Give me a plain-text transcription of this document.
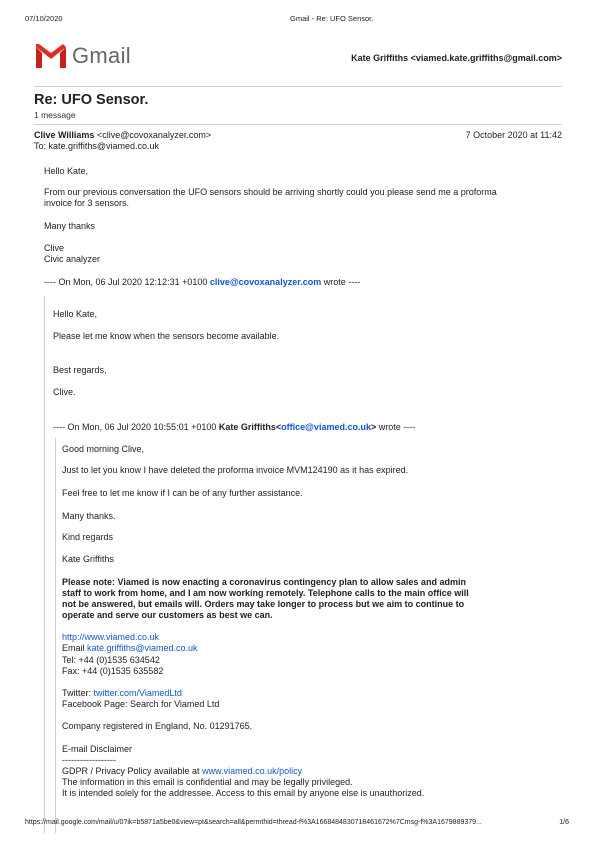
07/10/2020	Gmail - Re: UFO Sensor.
Gmail	Kate Griffiths <viamed.kate.griffiths@gmail.com>
Re: UFO Sensor.
1 message
Clive Williams <clive@covoxanalyzer.com>	7 October 2020 at 11:42
To: kate.griffiths@viamed.co.uk
Hello Kate,
From our previous conversation the UFO sensors should be arriving shortly could you please send me a proforma
invoice for 3 sensors.
Many thanks
Clive
Civic analyzer
---- On Mon, 06 Jul 2020 12:12:31 +0100 clive@covoxanalyzer.com wrote ----
Hello Kate,
Please let me know when the sensors become available.
Best regards,
Clive.
---- On Mon, 06 Jul 2020 10:55:01 +0100 Kate Griffiths<office@viamed.co.uk> wrote ----
Good morning Clive,
Just to let you know I have deleted the proforma invoice MVM124190 as it has expired.
Feel free to let me know if I can be of any further assistance.
Many thanks.
Kind regards
Kate Griffiths
Please note: Viamed is now enacting a coronavirus contingency plan to allow sales and admin
staff to work from home, and I am now working remotely. Telephone calls to the main office will
not be answered, but emails will. Orders may take longer to process but we aim to continue to
operate and serve our customers as best we can.
http://www.viamed.co.uk
Email kate.griffiths@viamed.co.uk
Tel: +44 (0)1535 634542
Fax: +44 (0)1535 635582
Twitter: twitter.com/ViamedLtd
Facebook Page: Search for Viamed Ltd
Company registered in England, No. 01291765.
E-mail Disclaimer
------------------
GDPR / Privacy Policy available at www.viamed.co.uk/policy
The information in this email is confidential and may be legally privileged.
It is intended solely for the addressee. Access to this email by anyone else is unauthorized.
https://mail.google.com/mail/u/0?ik=b5871a5be0&view=pt&search=all&permthid=thread-f%3A1668484830718461672%7Cmsg-f%3A1679889379...	1/6
